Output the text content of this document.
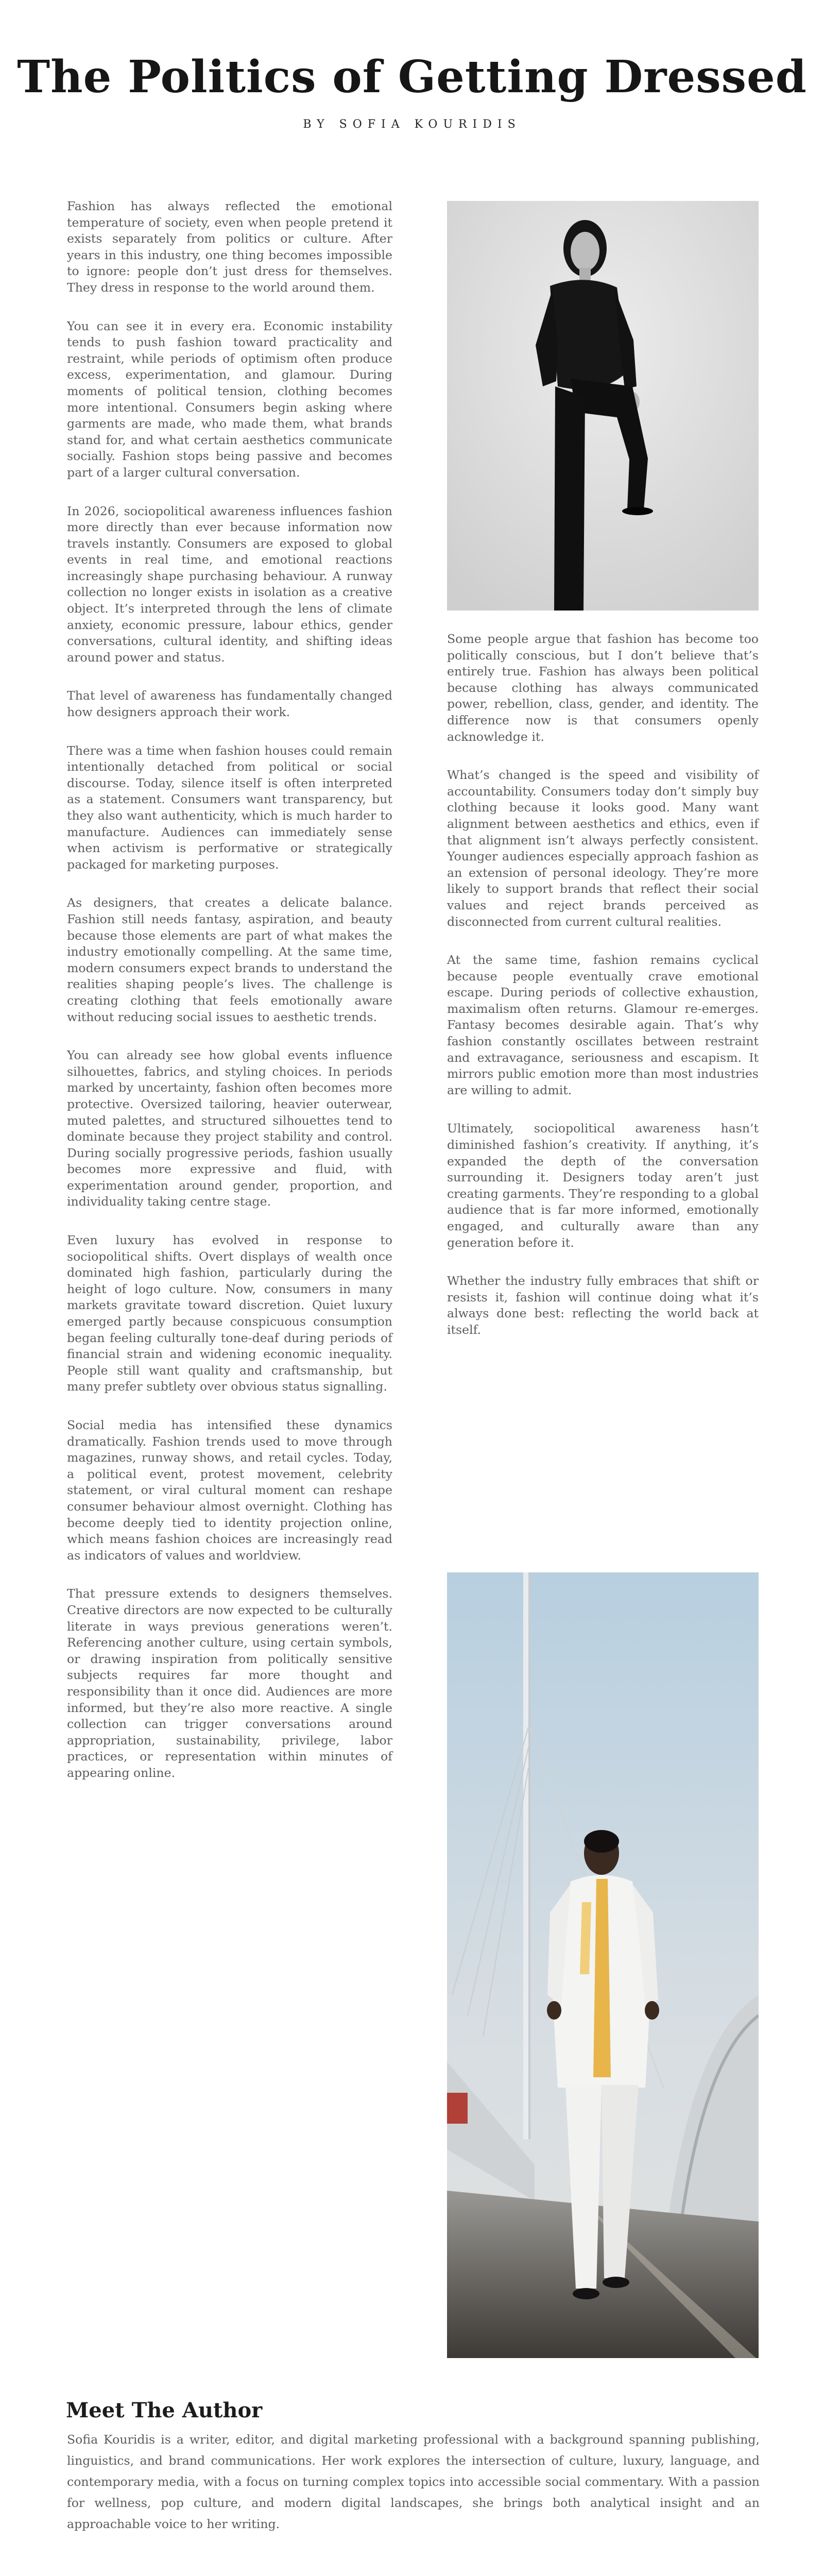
The Politics of Getting Dressed
BY SOFIA KOURIDIS

Fashion has always reflected the emotional temperature of society, even when people pretend it exists separately from politics or culture. After years in this industry, one thing becomes impossible to ignore: people don’t just dress for themselves. They dress in response to the world around them.

You can see it in every era. Economic instability tends to push fashion toward practicality and restraint, while periods of optimism often produce excess, experimentation, and glamour. During moments of political tension, clothing becomes more intentional. Consumers begin asking where garments are made, who made them, what brands stand for, and what certain aesthetics communicate socially. Fashion stops being passive and becomes part of a larger cultural conversation.

In 2026, sociopolitical awareness influences fashion more directly than ever because information now travels instantly. Consumers are exposed to global events in real time, and emotional reactions increasingly shape purchasing behaviour. A runway collection no longer exists in isolation as a creative object. It’s interpreted through the lens of climate anxiety, economic pressure, labour ethics, gender conversations, cultural identity, and shifting ideas around power and status.

That level of awareness has fundamentally changed how designers approach their work.

There was a time when fashion houses could remain intentionally detached from political or social discourse. Today, silence itself is often interpreted as a statement. Consumers want transparency, but they also want authenticity, which is much harder to manufacture. Audiences can immediately sense when activism is performative or strategically packaged for marketing purposes.

As designers, that creates a delicate balance. Fashion still needs fantasy, aspiration, and beauty because those elements are part of what makes the industry emotionally compelling. At the same time, modern consumers expect brands to understand the realities shaping people’s lives. The challenge is creating clothing that feels emotionally aware without reducing social issues to aesthetic trends.

You can already see how global events influence silhouettes, fabrics, and styling choices. In periods marked by uncertainty, fashion often becomes more protective. Oversized tailoring, heavier outerwear, muted palettes, and structured silhouettes tend to dominate because they project stability and control. During socially progressive periods, fashion usually becomes more expressive and fluid, with experimentation around gender, proportion, and individuality taking centre stage.

Even luxury has evolved in response to sociopolitical shifts. Overt displays of wealth once dominated high fashion, particularly during the height of logo culture. Now, consumers in many markets gravitate toward discretion. Quiet luxury emerged partly because conspicuous consumption began feeling culturally tone-deaf during periods of financial strain and widening economic inequality. People still want quality and craftsmanship, but many prefer subtlety over obvious status signalling.

Social media has intensified these dynamics dramatically. Fashion trends used to move through magazines, runway shows, and retail cycles. Today, a political event, protest movement, celebrity statement, or viral cultural moment can reshape consumer behaviour almost overnight. Clothing has become deeply tied to identity projection online, which means fashion choices are increasingly read as indicators of values and worldview.

That pressure extends to designers themselves. Creative directors are now expected to be culturally literate in ways previous generations weren’t. Referencing another culture, using certain symbols, or drawing inspiration from politically sensitive subjects requires far more thought and responsibility than it once did. Audiences are more informed, but they’re also more reactive. A single collection can trigger conversations around appropriation, sustainability, privilege, labor practices, or representation within minutes of appearing online.

Some people argue that fashion has become too politically conscious, but I don’t believe that’s entirely true. Fashion has always been political because clothing has always communicated power, rebellion, class, gender, and identity. The difference now is that consumers openly acknowledge it.

What’s changed is the speed and visibility of accountability. Consumers today don’t simply buy clothing because it looks good. Many want alignment between aesthetics and ethics, even if that alignment isn’t always perfectly consistent. Younger audiences especially approach fashion as an extension of personal ideology. They’re more likely to support brands that reflect their social values and reject brands perceived as disconnected from current cultural realities.

At the same time, fashion remains cyclical because people eventually crave emotional escape. During periods of collective exhaustion, maximalism often returns. Glamour re-emerges. Fantasy becomes desirable again. That’s why fashion constantly oscillates between restraint and extravagance, seriousness and escapism. It mirrors public emotion more than most industries are willing to admit.

Ultimately, sociopolitical awareness hasn’t diminished fashion’s creativity. If anything, it’s expanded the depth of the conversation surrounding it. Designers today aren’t just creating garments. They’re responding to a global audience that is far more informed, emotionally engaged, and culturally aware than any generation before it.

Whether the industry fully embraces that shift or resists it, fashion will continue doing what it’s always done best: reflecting the world back at itself.

Meet The Author

Sofia Kouridis is a writer, editor, and digital marketing professional with a background spanning publishing, linguistics, and brand communications. Her work explores the intersection of culture, luxury, language, and contemporary media, with a focus on turning complex topics into accessible social commentary. With a passion for wellness, pop culture, and modern digital landscapes, she brings both analytical insight and an approachable voice to her writing.
